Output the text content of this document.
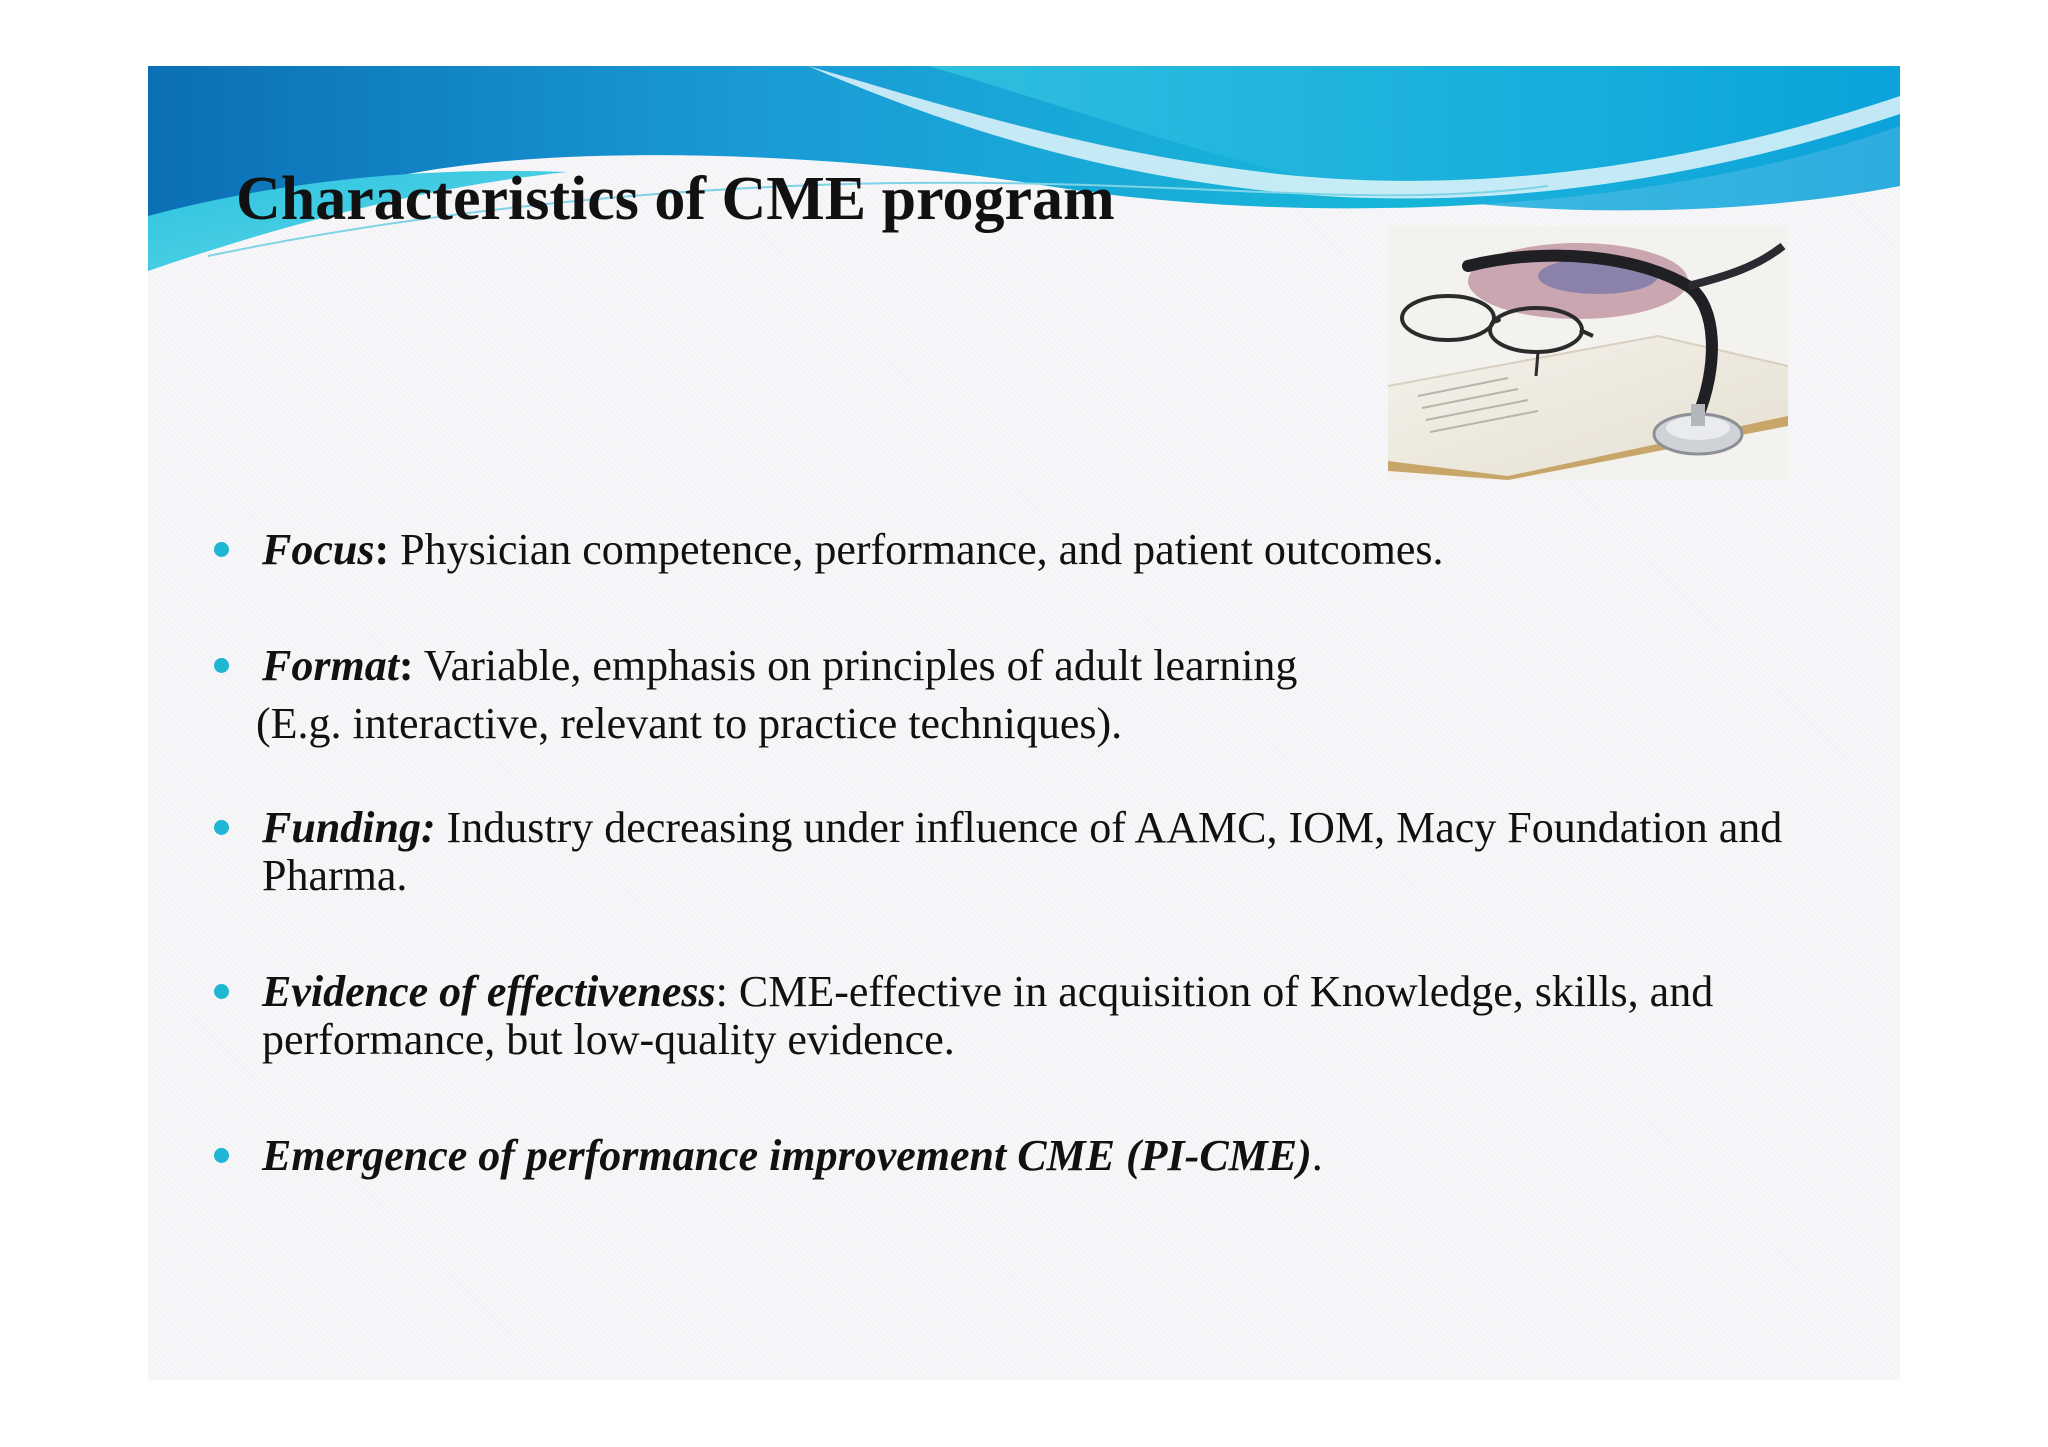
Characteristics of CME program
Focus: Physician competence, performance, and patient outcomes.
Format: Variable, emphasis on principles of adult learning
(E.g. interactive, relevant to practice techniques).
Funding: Industry decreasing under influence of AAMC, IOM, Macy Foundation and Pharma.
Evidence of effectiveness: CME-effective in acquisition of Knowledge, skills, and performance, but low-quality evidence.
Emergence of performance improvement CME (PI-CME).
